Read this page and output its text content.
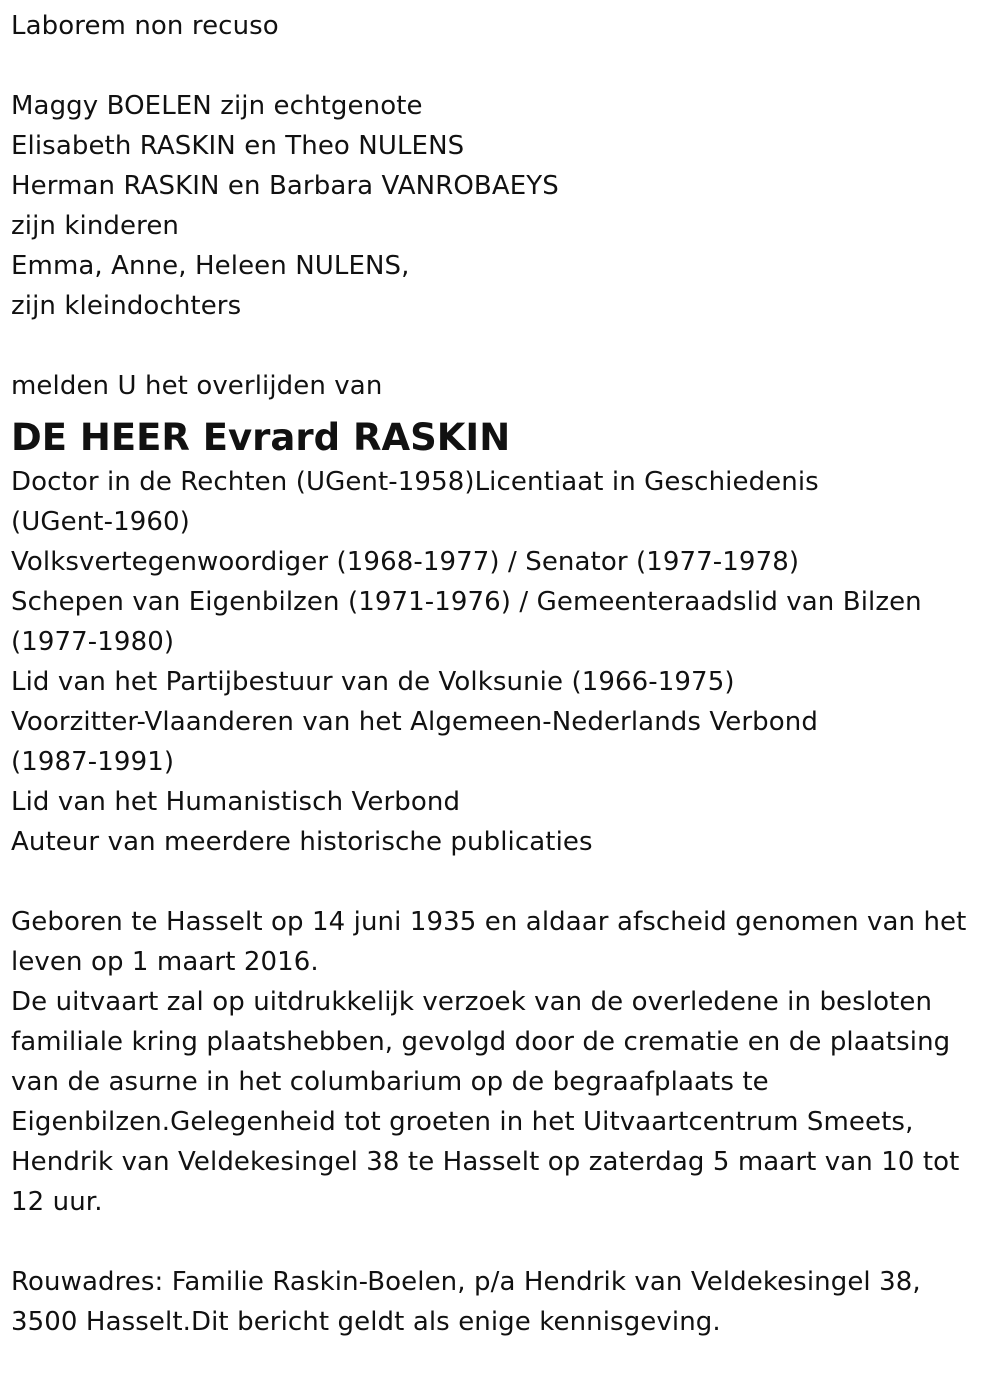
Laborem non recuso
Maggy BOELEN zijn echtgenote
Elisabeth RASKIN en Theo NULENS
Herman RASKIN en Barbara VANROBAEYS
zijn kinderen
Emma, Anne, Heleen NULENS,
zijn kleindochters
melden U het overlijden van
DE HEER Evrard RASKIN
Doctor in de Rechten (UGent-1958)Licentiaat in Geschiedenis
(UGent-1960)
Volksvertegenwoordiger (1968-1977) / Senator (1977-1978)
Schepen van Eigenbilzen (1971-1976) / Gemeenteraadslid van Bilzen
(1977-1980)
Lid van het Partijbestuur van de Volksunie (1966-1975)
Voorzitter-Vlaanderen van het Algemeen-Nederlands Verbond
(1987-1991)
Lid van het Humanistisch Verbond
Auteur van meerdere historische publicaties
Geboren te Hasselt op 14 juni 1935 en aldaar afscheid genomen van het
leven op 1 maart 2016.
De uitvaart zal op uitdrukkelijk verzoek van de overledene in besloten
familiale kring plaatshebben, gevolgd door de crematie en de plaatsing
van de asurne in het columbarium op de begraafplaats te
Eigenbilzen.Gelegenheid tot groeten in het Uitvaartcentrum Smeets,
Hendrik van Veldekesingel 38 te Hasselt op zaterdag 5 maart van 10 tot
12 uur.
Rouwadres: Familie Raskin-Boelen, p/a Hendrik van Veldekesingel 38,
3500 Hasselt.Dit bericht geldt als enige kennisgeving.
